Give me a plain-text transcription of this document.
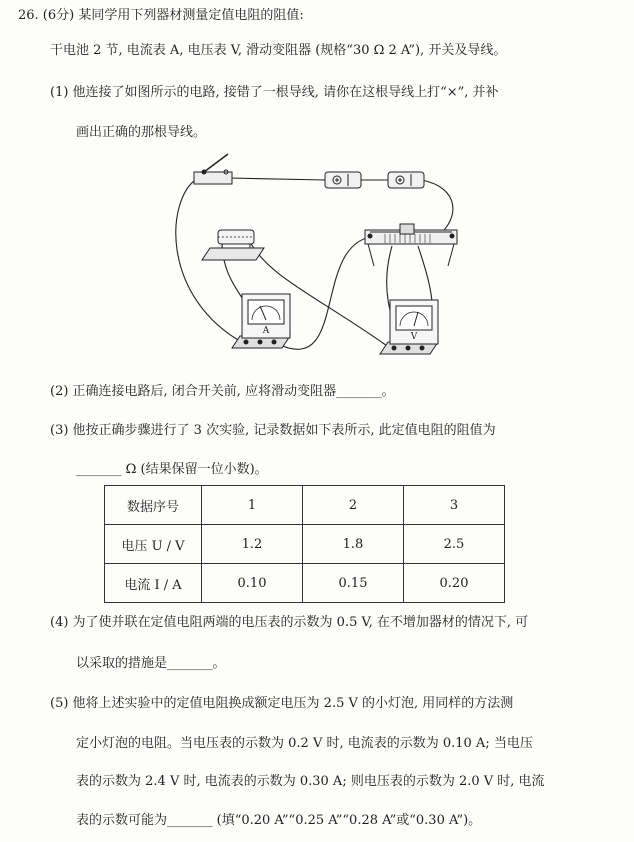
26. (6分) 某同学用下列器材测量定值电阻的阻值:
干电池 2 节, 电流表 A, 电压表 V, 滑动变阻器 (规格“30 Ω 2 A”), 开关及导线。
(1) 他连接了如图所示的电路, 接错了一根导线, 请你在这根导线上打“×”, 并补
画出正确的那根导线。
A
V
(2) 正确连接电路后, 闭合开关前, 应将滑动变阻器_______。
(3) 他按正确步骤进行了 3 次实验, 记录数据如下表所示, 此定值电阻的阻值为
_______ Ω (结果保留一位小数)。
数据序号	1	2	3
电压 U / V	1.2	1.8	2.5
电流 I / A	0.10	0.15	0.20
(4) 为了使并联在定值电阻两端的电压表的示数为 0.5 V, 在不增加器材的情况下, 可
以采取的措施是_______。
(5) 他将上述实验中的定值电阻换成额定电压为 2.5 V 的小灯泡, 用同样的方法测
定小灯泡的电阻。当电压表的示数为 0.2 V 时, 电流表的示数为 0.10 A; 当电压
表的示数为 2.4 V 时, 电流表的示数为 0.30 A; 则电压表的示数为 2.0 V 时, 电流
表的示数可能为_______ (填“0.20 A”“0.25 A”“0.28 A”或“0.30 A”)。
